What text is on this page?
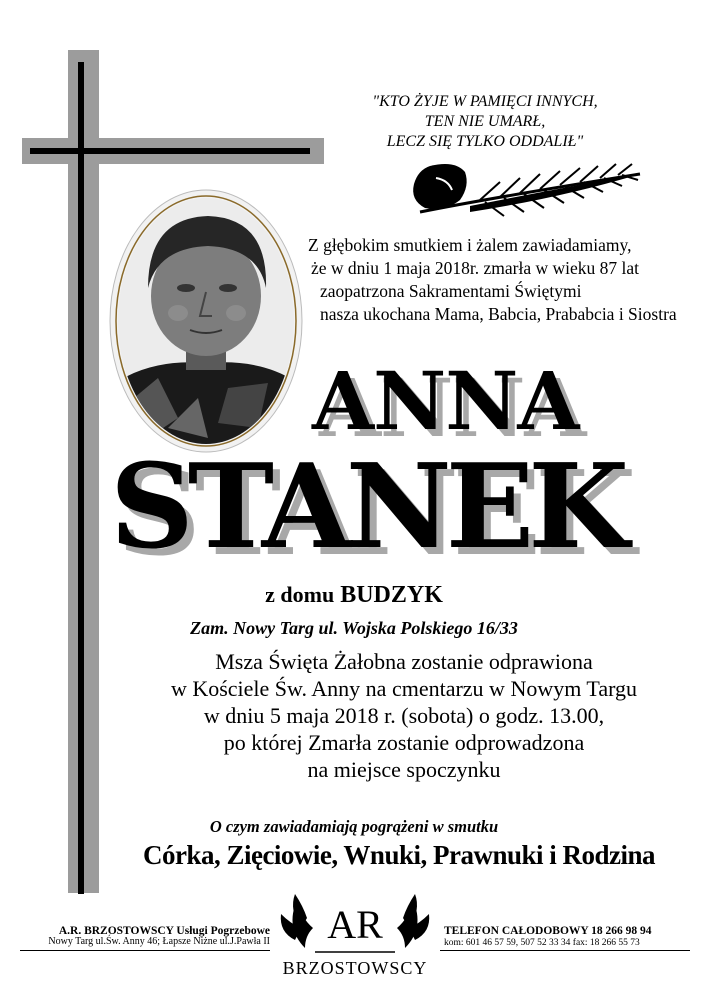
"KTO ŻYJE W PAMIĘCI INNYCH,
TEN NIE UMARŁ,
LECZ SIĘ TYLKO ODDALIŁ"
Z głębokim smutkiem i żalem zawiadamiamy,
że w dniu 1 maja 2018r. zmarła w wieku 87 lat
zaopatrzona Sakramentami Świętymi
nasza ukochana Mama, Babcia, Prababcia i Siostra
ANNA
STANEK
z domu BUDZYK
Zam. Nowy Targ ul. Wojska Polskiego 16/33
Msza Święta Żałobna zostanie odprawiona
w Kościele Św. Anny na cmentarzu w Nowym Targu
w dniu 5 maja 2018 r. (sobota) o godz. 13.00,
po której Zmarła zostanie odprowadzona
na miejsce spoczynku
O czym zawiadamiają pogrążeni w smutku
Córka, Zięciowie, Wnuki, Prawnuki i Rodzina
A.R. BRZOSTOWSCY Usługi Pogrzebowe
Nowy Targ ul.Św. Anny 46; Łapsze Niżne ul.J.Pawła II AR
BRZOSTOWSCY
TELEFON CAŁODOBOWY 18 266 98 94
kom: 601 46 57 59, 507 52 33 34 fax: 18 266 55 73
